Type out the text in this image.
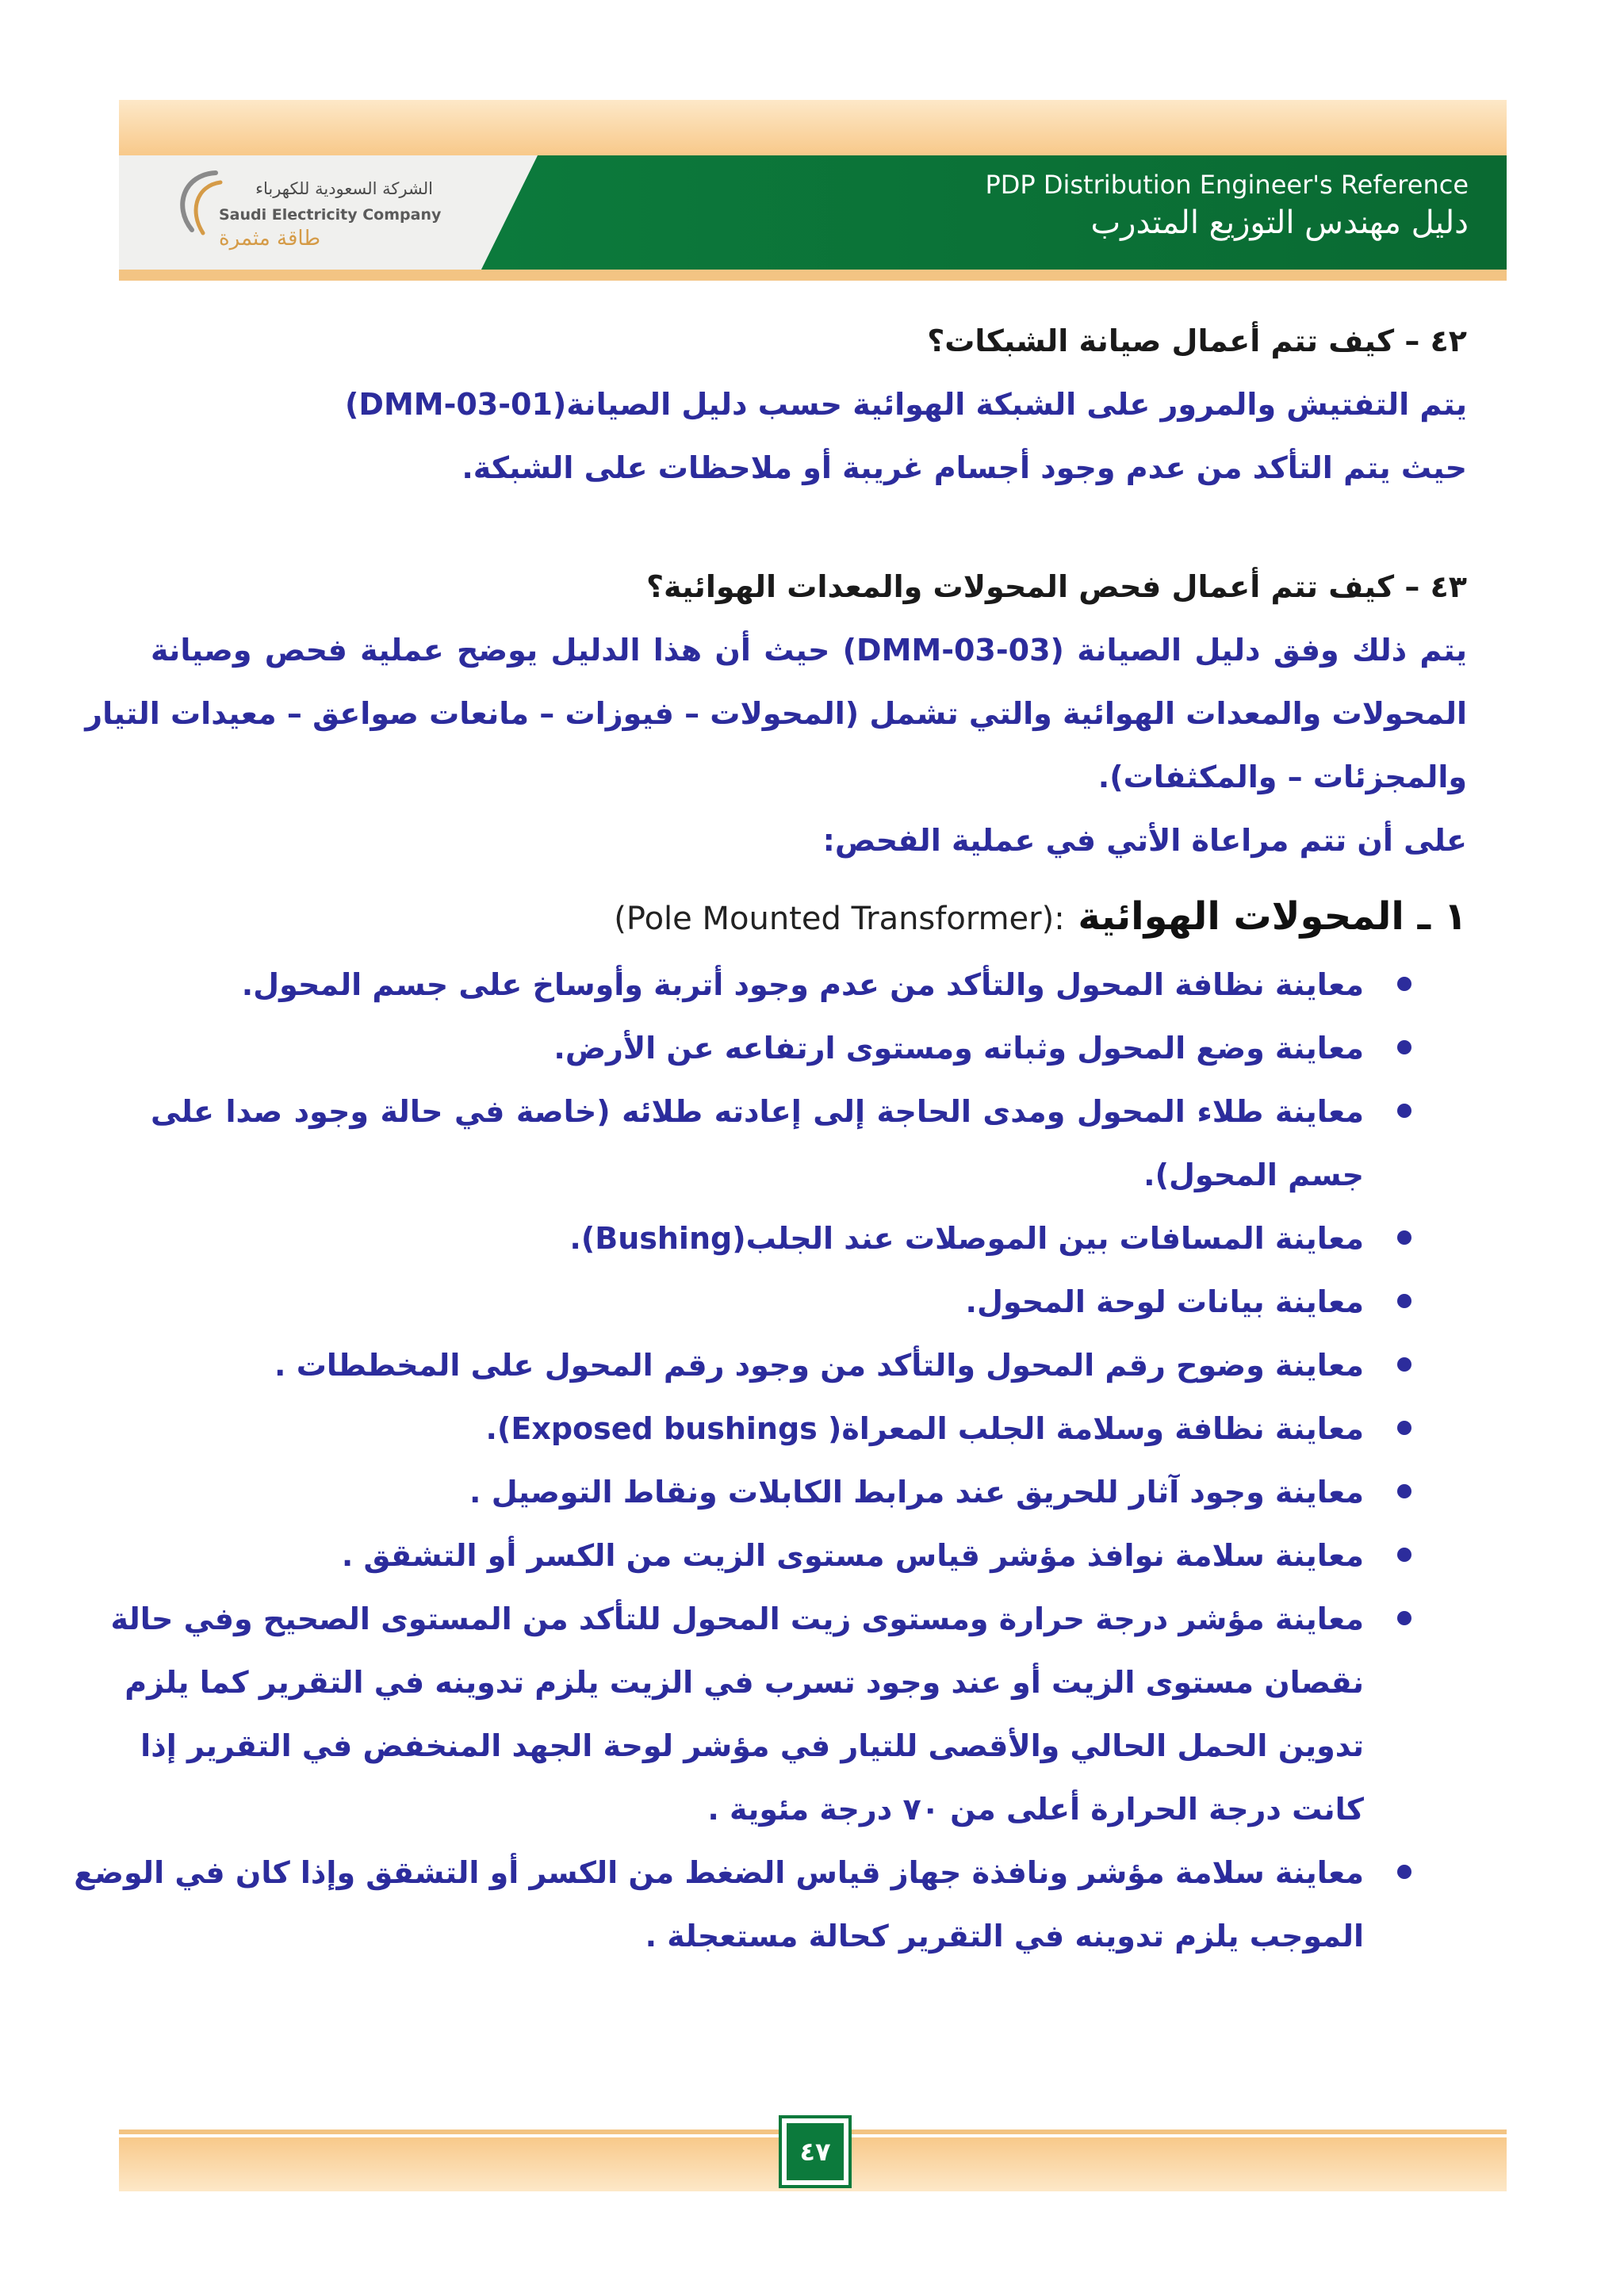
الشركة السعودية للكهرباء
Saudi Electricity Company
طاقة مثمرة
PDP Distribution Engineer's Reference
دليل مهندس التوزيع المتدرب
٤٢ – كيف تتم أعمال صيانة الشبكات؟
يتم التفتيش والمرور على الشبكة الهوائية حسب دليل الصيانة(DMM-03-01)
حيث يتم التأكد من عدم وجود أجسام غريبة أو ملاحظات على الشبكة.
٤٣ – كيف تتم أعمال فحص المحولات والمعدات الهوائية؟
يتم ذلك وفق دليل الصيانة (DMM-03-03) حيث أن هذا الدليل يوضح عملية فحص وصيانة
المحولات والمعدات الهوائية والتي تشمل (المحولات – فيوزات – مانعات صواعق – معيدات التيار
والمجزئات – والمكثفات).
على أن تتم مراعاة الأتي في عملية الفحص:
١ ـ المحولات الهوائية (Pole Mounted Transformer):
معاينة نظافة المحول والتأكد من عدم وجود أتربة وأوساخ على جسم المحول.
معاينة وضع المحول وثباته ومستوى ارتفاعه عن الأرض.
معاينة طلاء المحول ومدى الحاجة إلى إعادته طلائه (خاصة في حالة وجود صدا على
جسم المحول).
معاينة المسافات بين الموصلات عند الجلب(Bushing).
معاينة بيانات لوحة المحول.
معاينة وضوح رقم المحول والتأكد من وجود رقم المحول على المخططات .
معاينة نظافة وسلامة الجلب المعراة( Exposed bushings).
معاينة وجود آثار للحريق عند مرابط الكابلات ونقاط التوصيل .
معاينة سلامة نوافذ مؤشر قياس مستوى الزيت من الكسر أو التشقق .
معاينة مؤشر درجة حرارة ومستوى زيت المحول للتأكد من المستوى الصحيح وفي حالة
نقصان مستوى الزيت أو عند وجود تسرب في الزيت يلزم تدوينه في التقرير كما يلزم
تدوين الحمل الحالي والأقصى للتيار في مؤشر لوحة الجهد المنخفض في التقرير إذا
كانت درجة الحرارة أعلى من ٧٠ درجة مئوية .
معاينة سلامة مؤشر ونافذة جهاز قياس الضغط من الكسر أو التشقق وإذا كان في الوضع
الموجب يلزم تدوينه في التقرير كحالة مستعجلة .
٤٧
